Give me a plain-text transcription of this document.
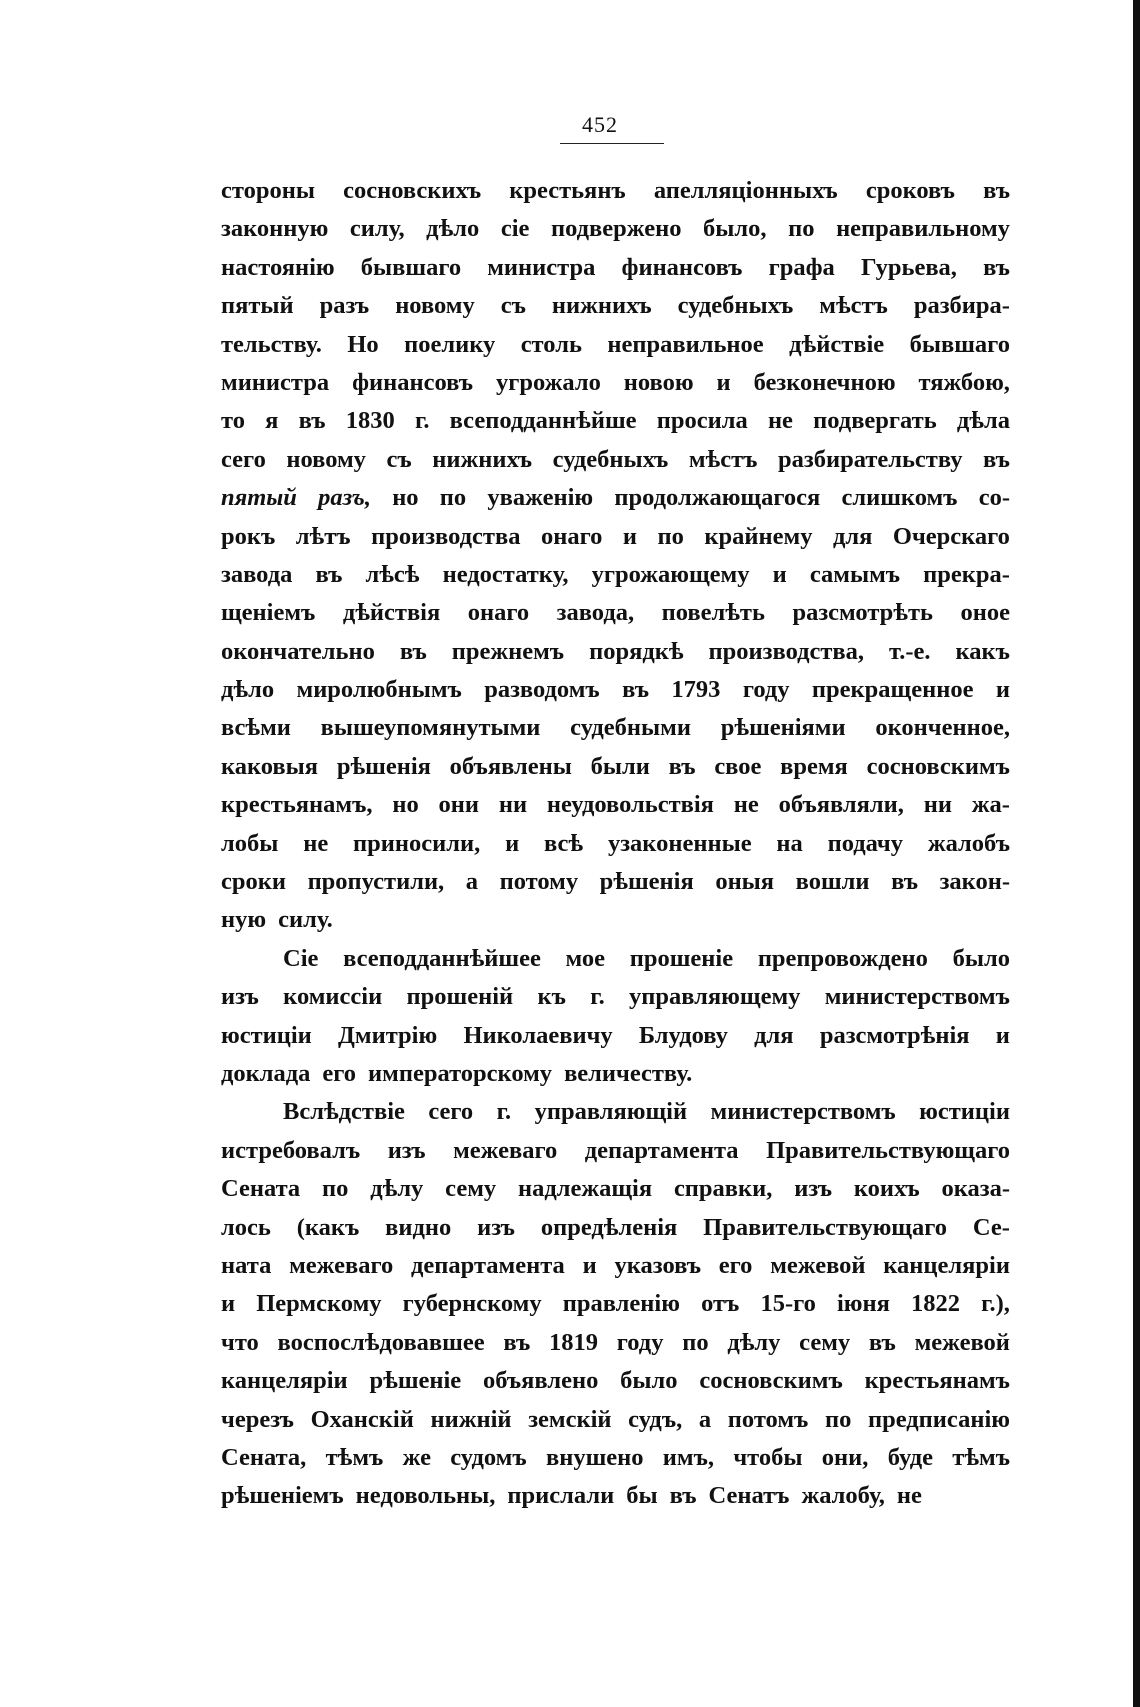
452
стороны сосновскихъ крестьянъ апелляціонныхъ сроковъ въ
законную силу, дѣло сіе подвержено было, по неправильному
настоянію бывшаго министра финансовъ графа Гурьева, въ
пятый разъ новому съ нижнихъ судебныхъ мѣстъ разбира-
тельству. Но поелику столь неправильное дѣйствіе бывшаго
министра финансовъ угрожало новою и безконечною тяжбою,
то я въ 1830 г. всеподданнѣйше просила не подвергать дѣла
сего новому съ нижнихъ судебныхъ мѣстъ разбирательству въ
пятый разъ, но по уваженію продолжающагося слишкомъ со-
рокъ лѣтъ производства онаго и по крайнему для Очерскаго
завода въ лѣсѣ недостатку, угрожающему и самымъ прекра-
щеніемъ дѣйствія онаго завода, повелѣть разсмотрѣть оное
окончательно въ прежнемъ порядкѣ производства, т.-е. какъ
дѣло миролюбнымъ разводомъ въ 1793 году прекращенное и
всѣми вышеупомянутыми судебными рѣшеніями оконченное,
каковыя рѣшенія объявлены были въ свое время сосновскимъ
крестьянамъ, но они ни неудовольствія не объявляли, ни жа-
лобы не приносили, и всѣ узаконенные на подачу жалобъ
сроки пропустили, а потому рѣшенія оныя вошли въ закон-
ную силу.
Сіе всеподданнѣйшее мое прошеніе препровождено было
изъ комиссіи прошеній къ г. управляющему министерствомъ
юстиціи Дмитрію Николаевичу Блудову для разсмотрѣнія и
доклада его императорскому величеству.
Вслѣдствіе сего г. управляющій министерствомъ юстиціи
истребовалъ изъ межеваго департамента Правительствующаго
Сената по дѣлу сему надлежащія справки, изъ коихъ оказа-
лось (какъ видно изъ опредѣленія Правительствующаго Се-
ната межеваго департамента и указовъ его межевой канцеляріи
и Пермскому губернскому правленію отъ 15-го іюня 1822 г.),
что воспослѣдовавшее въ 1819 году по дѣлу сему въ межевой
канцеляріи рѣшеніе объявлено было сосновскимъ крестьянамъ
черезъ Оханскій нижній земскій судъ, а потомъ по предписанію
Сената, тѣмъ же судомъ внушено имъ, чтобы они, буде тѣмъ
рѣшеніемъ недовольны, прислали бы въ Сенатъ жалобу, не
